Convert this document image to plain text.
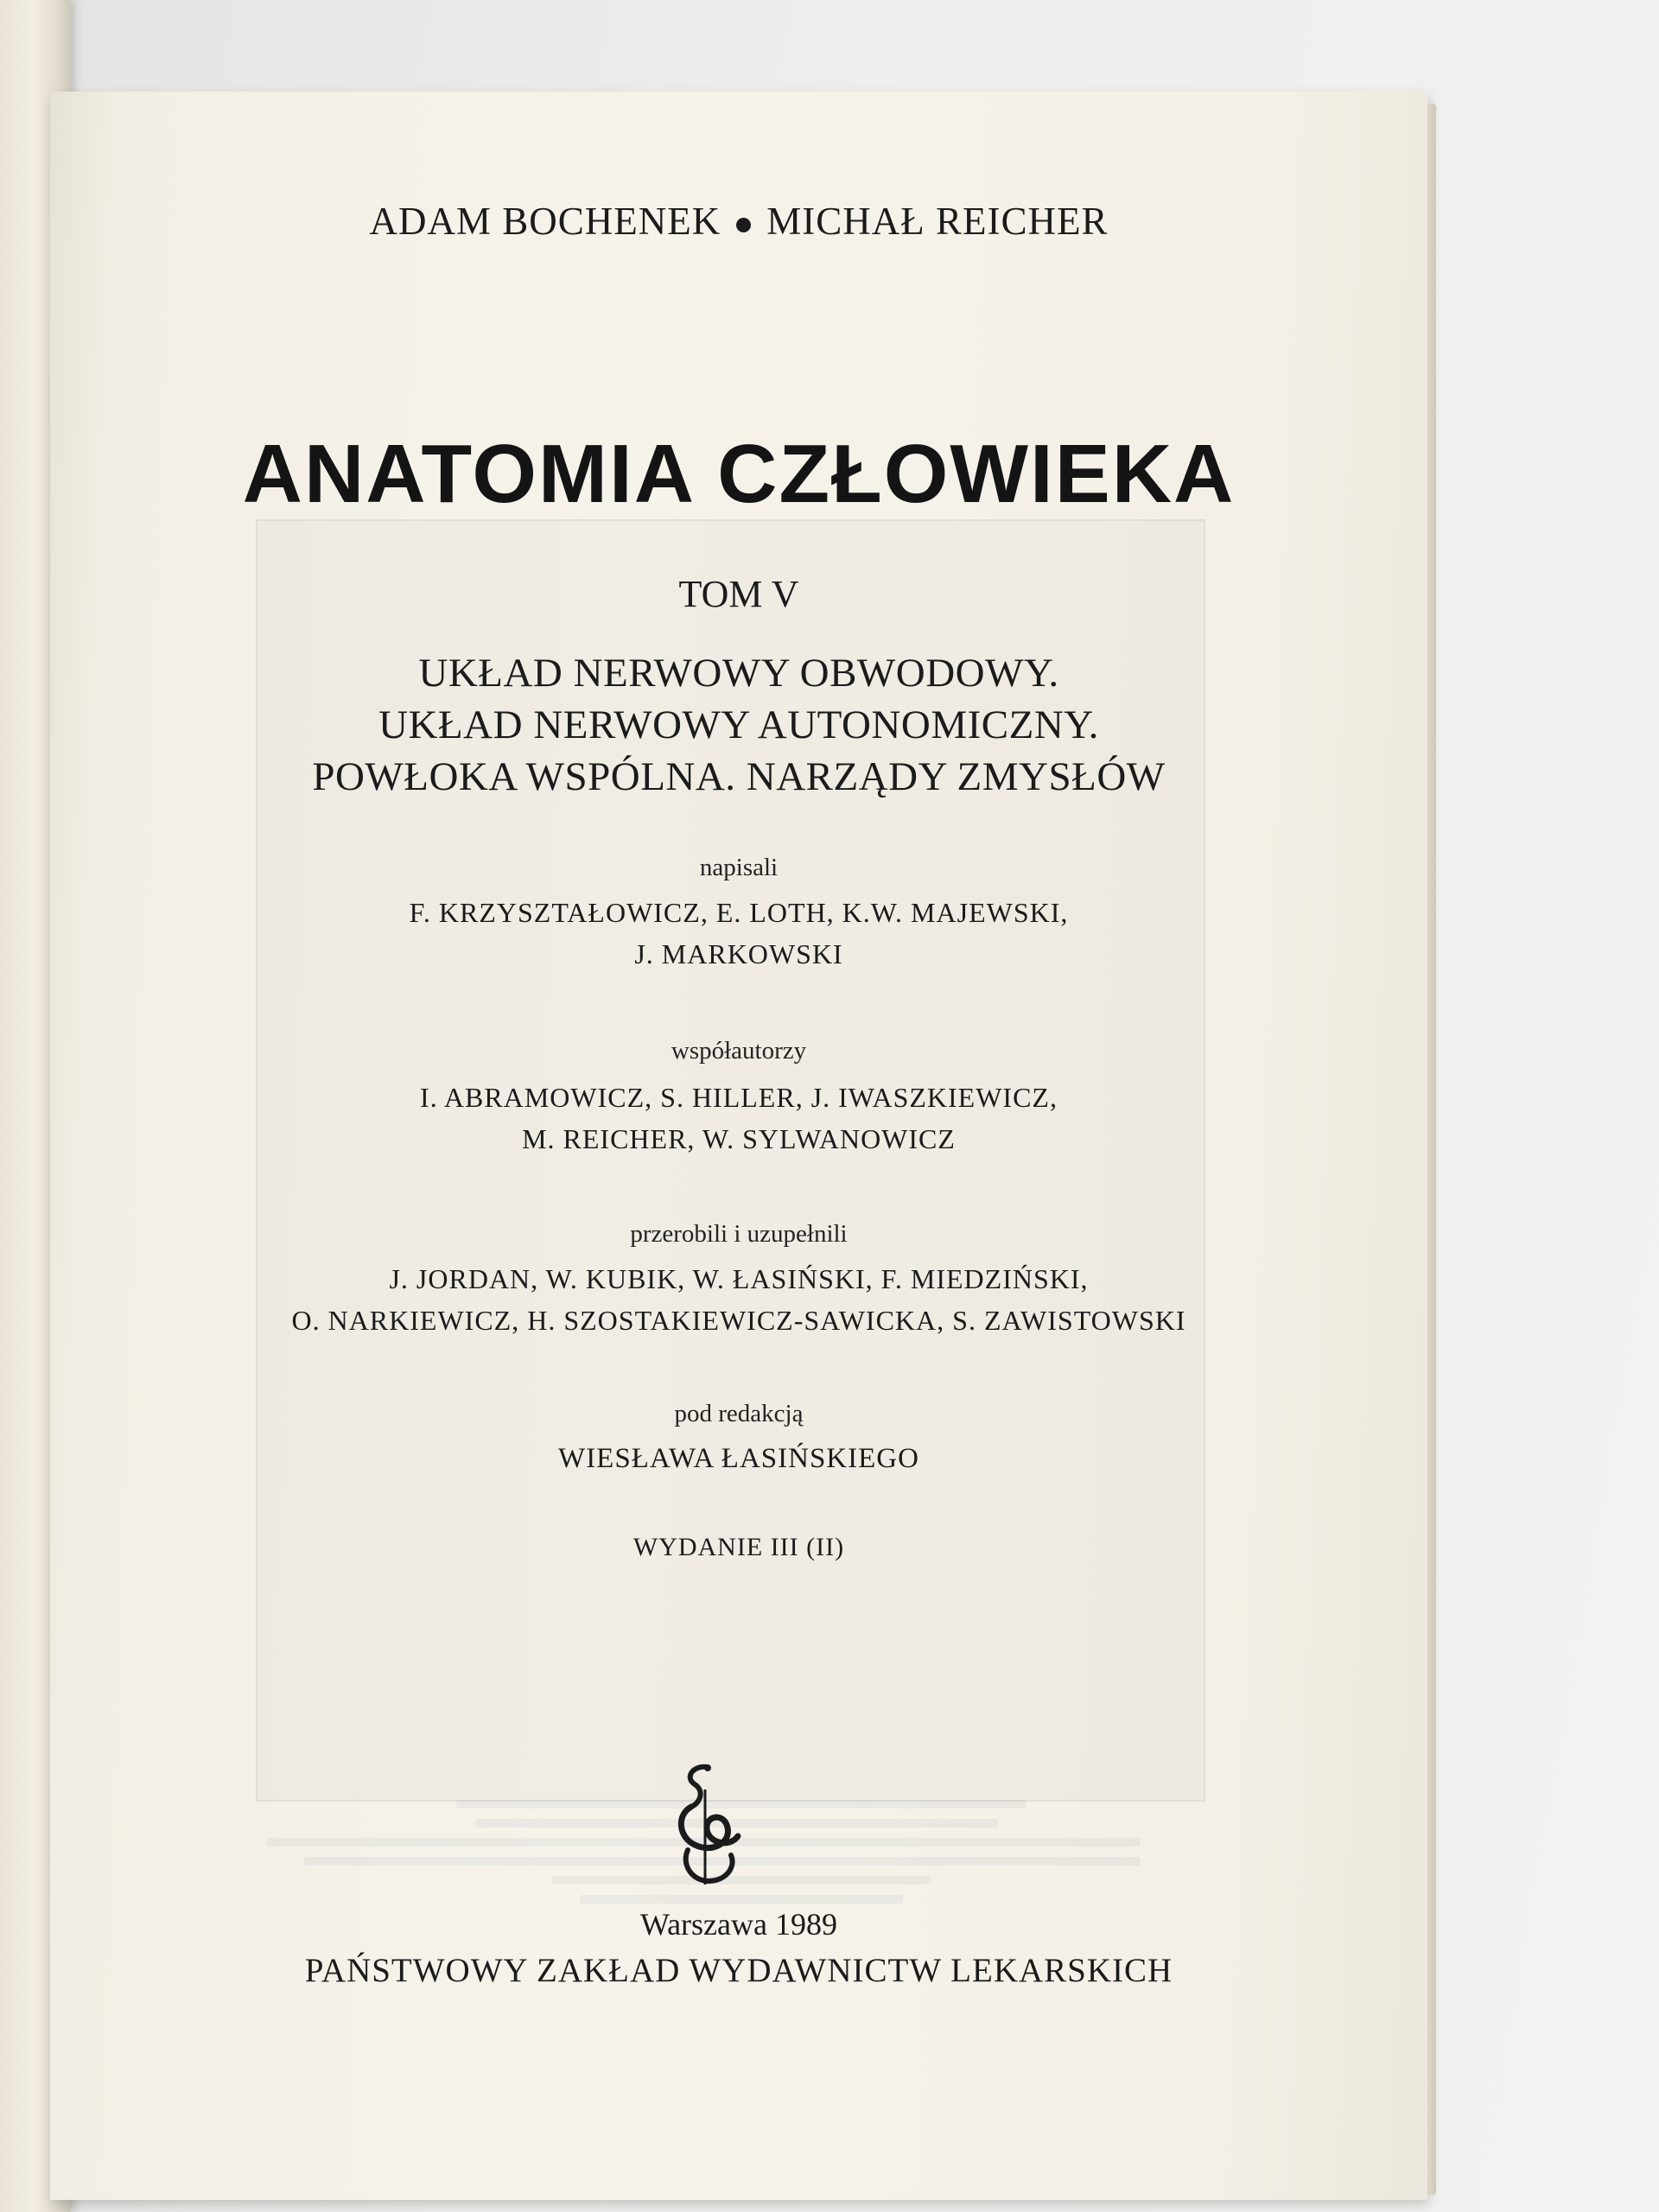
ADAM BOCHENEK MICHAŁ REICHER
ANATOMIA CZŁOWIEKA
TOM V
UKŁAD NERWOWY OBWODOWY.
UKŁAD NERWOWY AUTONOMICZNY.
POWŁOKA WSPÓLNA. NARZĄDY ZMYSŁÓW
napisali
F. KRZYSZTAŁOWICZ, E. LOTH, K.W. MAJEWSKI,
J. MARKOWSKI
współautorzy
I. ABRAMOWICZ, S. HILLER, J. IWASZKIEWICZ,
M. REICHER, W. SYLWANOWICZ
przerobili i uzupełnili
J. JORDAN, W. KUBIK, W. ŁASIŃSKI, F. MIEDZIŃSKI,
O. NARKIEWICZ, H. SZOSTAKIEWICZ-SAWICKA, S. ZAWISTOWSKI
pod redakcją
WIESŁAWA ŁASIŃSKIEGO
WYDANIE III (II)
Warszawa 1989
PAŃSTWOWY ZAKŁAD WYDAWNICTW LEKARSKICH
